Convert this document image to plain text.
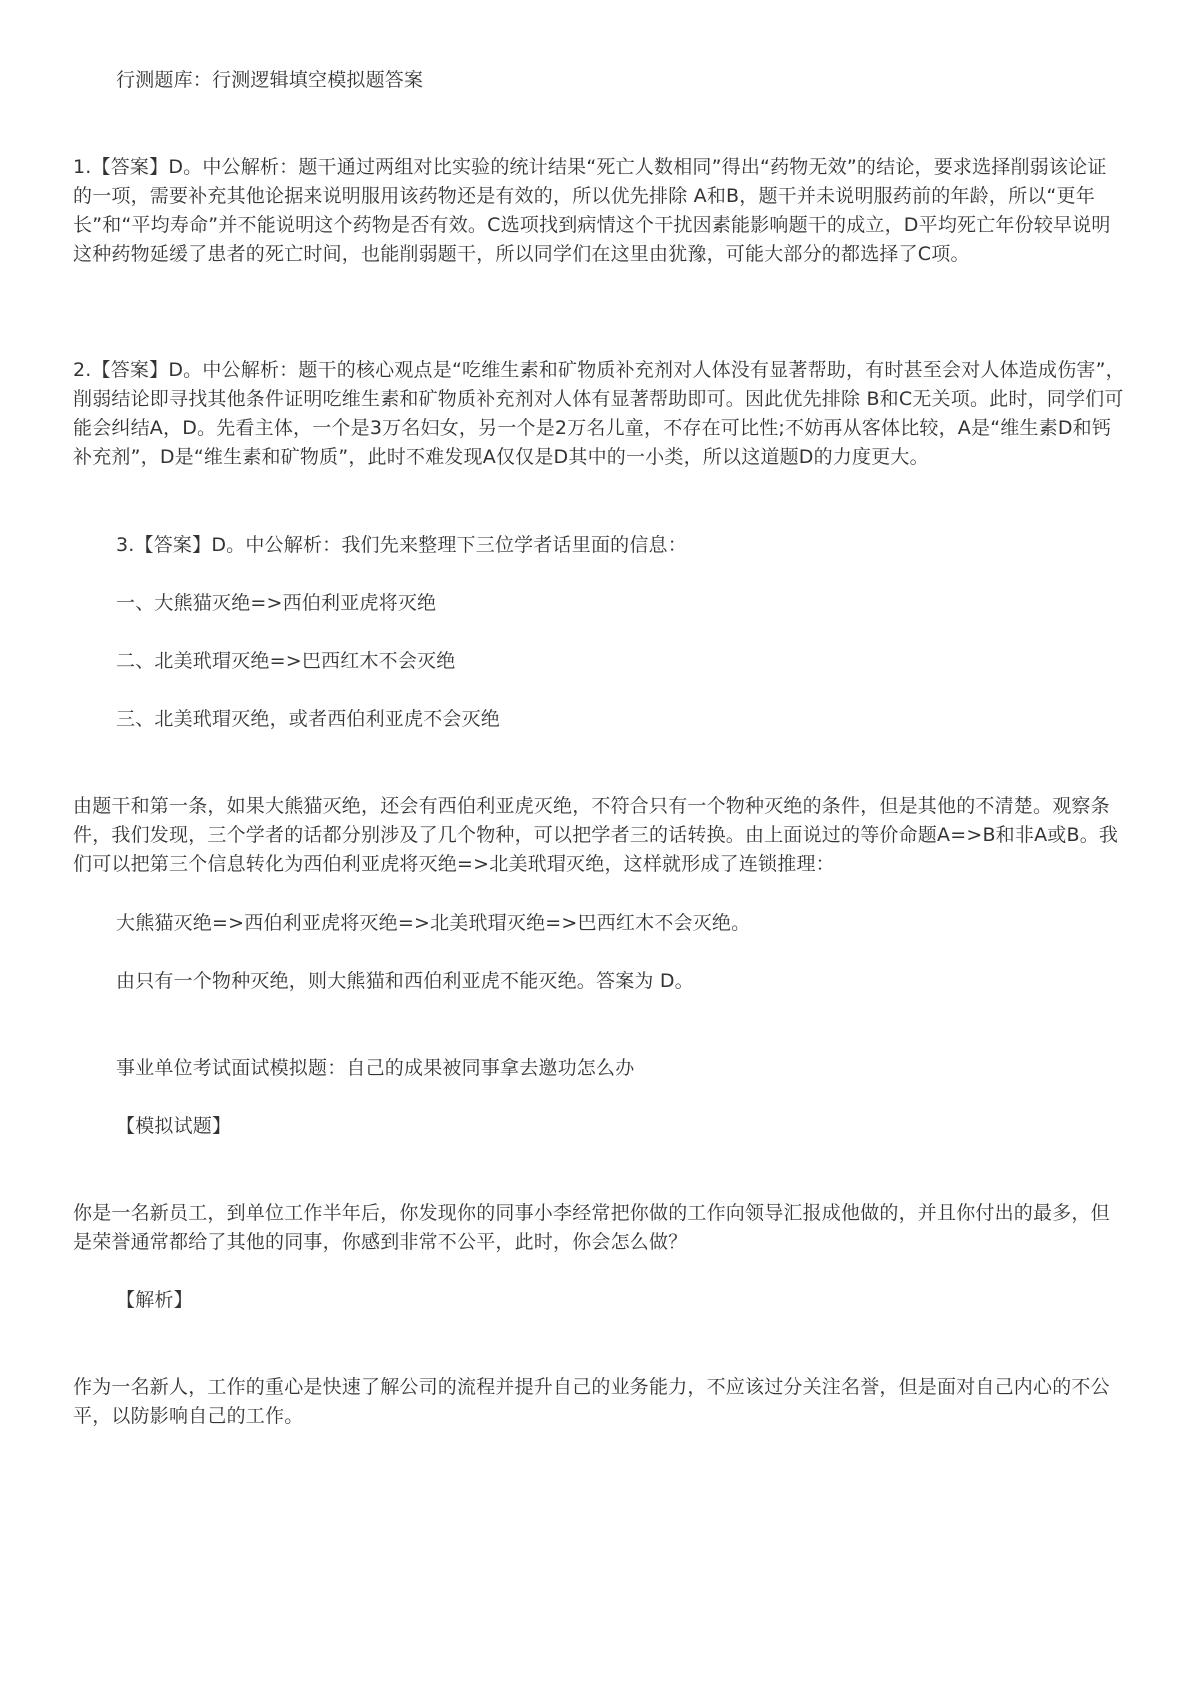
行测题库：行测逻辑填空模拟题答案

1.【答案】D。中公解析：题干通过两组对比实验的统计结果“死亡人数相同”得出“药物无效”的结论，要求选择削弱该论证的一项，需要补充其他论据来说明服用该药物还是有效的，所以优先排除 A和B，题干并未说明服药前的年龄，所以“更年长”和“平均寿命”并不能说明这个药物是否有效。C选项找到病情这个干扰因素能影响题干的成立，D平均死亡年份较早说明这种药物延缓了患者的死亡时间，也能削弱题干，所以同学们在这里由犹豫，可能大部分的都选择了C项。

2.【答案】D。中公解析：题干的核心观点是“吃维生素和矿物质补充剂对人体没有显著帮助，有时甚至会对人体造成伤害”，削弱结论即寻找其他条件证明吃维生素和矿物质补充剂对人体有显著帮助即可。因此优先排除 B和C无关项。此时，同学们可能会纠结A，D。先看主体，一个是3万名妇女，另一个是2万名儿童，不存在可比性;不妨再从客体比较，A是“维生素D和钙补充剂”，D是“维生素和矿物质”，此时不难发现A仅仅是D其中的一小类，所以这道题D的力度更大。

3.【答案】D。中公解析：我们先来整理下三位学者话里面的信息：

一、大熊猫灭绝=>西伯利亚虎将灭绝

二、北美玳瑁灭绝=>巴西红木不会灭绝

三、北美玳瑁灭绝，或者西伯利亚虎不会灭绝

由题干和第一条，如果大熊猫灭绝，还会有西伯利亚虎灭绝，不符合只有一个物种灭绝的条件，但是其他的不清楚。观察条件，我们发现，三个学者的话都分别涉及了几个物种，可以把学者三的话转换。由上面说过的等价命题A=>B和非A或B。我们可以把第三个信息转化为西伯利亚虎将灭绝=>北美玳瑁灭绝，这样就形成了连锁推理：

大熊猫灭绝=>西伯利亚虎将灭绝=>北美玳瑁灭绝=>巴西红木不会灭绝。

由只有一个物种灭绝，则大熊猫和西伯利亚虎不能灭绝。答案为 D。

事业单位考试面试模拟题：自己的成果被同事拿去邀功怎么办

【模拟试题】

你是一名新员工，到单位工作半年后，你发现你的同事小李经常把你做的工作向领导汇报成他做的，并且你付出的最多，但是荣誉通常都给了其他的同事，你感到非常不公平，此时，你会怎么做？

【解析】

作为一名新人，工作的重心是快速了解公司的流程并提升自己的业务能力，不应该过分关注名誉，但是面对自己内心的不公平，以防影响自己的工作。
